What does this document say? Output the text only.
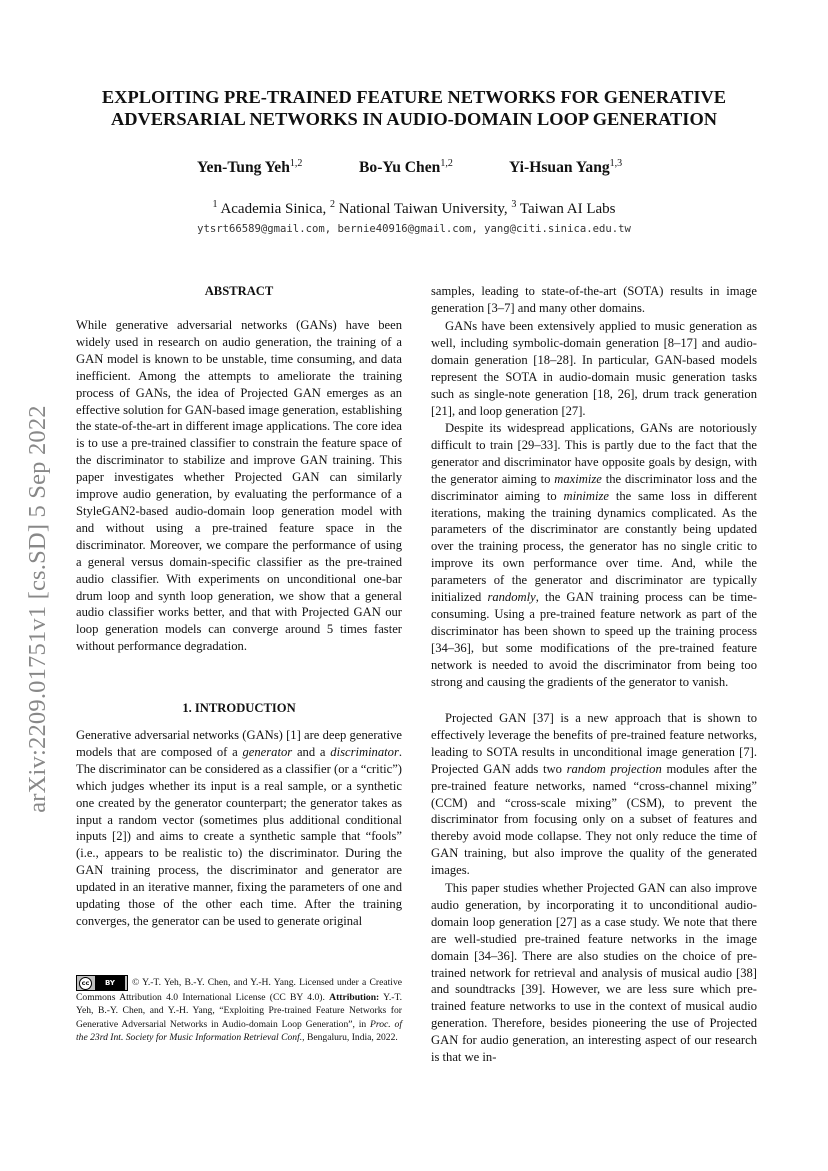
arXiv:2209.01751v1 [cs.SD] 5 Sep 2022
EXPLOITING PRE-TRAINED FEATURE NETWORKS FOR GENERATIVE
ADVERSARIAL NETWORKS IN AUDIO-DOMAIN LOOP GENERATION
Yen-Tung Yeh$^{1,2}$	Bo-Yu Chen$^{1,2}$	Yi-Hsuan Yang$^{1,3}$
$^1$ Academia Sinica, $^2$ National Taiwan University, $^3$ Taiwan AI Labs
ytsrt66589@gmail.com, bernie40916@gmail.com, yang@citi.sinica.edu.tw
ABSTRACT
While generative adversarial networks (GANs) have been widely used in research on audio generation, the training of a GAN model is known to be unstable, time consuming, and data inefficient. Among the attempts to ameliorate the training process of GANs, the idea of Projected GAN emerges as an effective solution for GAN-based image generation, establishing the state-of-the-art in different image applications. The core idea is to use a pre-trained classifier to constrain the feature space of the discriminator to stabilize and improve GAN training. This paper investigates whether Projected GAN can similarly improve audio generation, by evaluating the performance of a StyleGAN2-based audio-domain loop generation model with and without using a pre-trained feature space in the discriminator. Moreover, we compare the performance of using a general versus domain-specific classifier as the pre-trained audio classifier. With experiments on unconditional one-bar drum loop and synth loop generation, we show that a general audio classifier works better, and that with Projected GAN our loop generation models can converge around 5 times faster without performance degradation.
1. INTRODUCTION
Generative adversarial networks (GANs) [1] are deep generative models that are composed of a generator and a discriminator. The discriminator can be considered as a classifier (or a “critic”) which judges whether its input is a real sample, or a synthetic one created by the generator counterpart; the generator takes as input a random vector (sometimes plus additional conditional inputs [2]) and aims to create a synthetic sample that “fools” (i.e., appears to be realistic to) the discriminator. During the GAN training process, the discriminator and generator are updated in an iterative manner, fixing the parameters of one and updating those of the other each time. After the training converges, the generator can be used to generate original
samples, leading to state-of-the-art (SOTA) results in image generation [3–7] and many other domains.
GANs have been extensively applied to music generation as well, including symbolic-domain generation [8–17] and audio-domain generation [18–28]. In particular, GAN-based models represent the SOTA in audio-domain music generation tasks such as single-note generation [18, 26], drum track generation [21], and loop generation [27].
Despite its widespread applications, GANs are notoriously difficult to train [29–33]. This is partly due to the fact that the generator and discriminator have opposite goals by design, with the generator aiming to maximize the discriminator loss and the discriminator aiming to minimize the same loss in different iterations, making the training dynamics complicated. As the parameters of the discriminator are constantly being updated over the training process, the generator has no single critic to improve its own performance over time. And, while the parameters of the generator and discriminator are typically initialized randomly, the GAN training process can be time-consuming. Using a pre-trained feature network as part of the discriminator has been shown to speed up the training process [34–36], but some modifications of the pre-trained feature network is needed to avoid the discriminator from being too strong and causing the gradients of the generator to vanish.
Projected GAN [37] is a new approach that is shown to effectively leverage the benefits of pre-trained feature networks, leading to SOTA results in unconditional image generation [7]. Projected GAN adds two random projection modules after the pre-trained feature networks, named “cross-channel mixing” (CCM) and “cross-scale mixing” (CSM), to prevent the discriminator from focusing only on a subset of features and thereby avoid mode collapse. They not only reduce the time of GAN training, but also improve the quality of the generated images.
This paper studies whether Projected GAN can also improve audio generation, by incorporating it to unconditional audio-domain loop generation [27] as a case study. We note that there are well-studied pre-trained feature networks in the image domain [34–36]. There are also studies on the choice of pre-trained network for retrieval and analysis of musical audio [38] and soundtracks [39]. However, we are less sure which pre-trained feature networks to use in the context of musical audio generation. Therefore, besides pioneering the use of Projected GAN for audio generation, an interesting aspect of our research is that we in-
cc	BY	© Y.-T. Yeh, B.-Y. Chen, and Y.-H. Yang. Licensed under a Creative Commons Attribution 4.0 International License (CC BY 4.0). Attribution: Y.-T. Yeh, B.-Y. Chen, and Y.-H. Yang, “Exploiting Pre-trained Feature Networks for Generative Adversarial Networks in Audio-domain Loop Generation”, in Proc. of the 23rd Int. Society for Music Information Retrieval Conf., Bengaluru, India, 2022.
